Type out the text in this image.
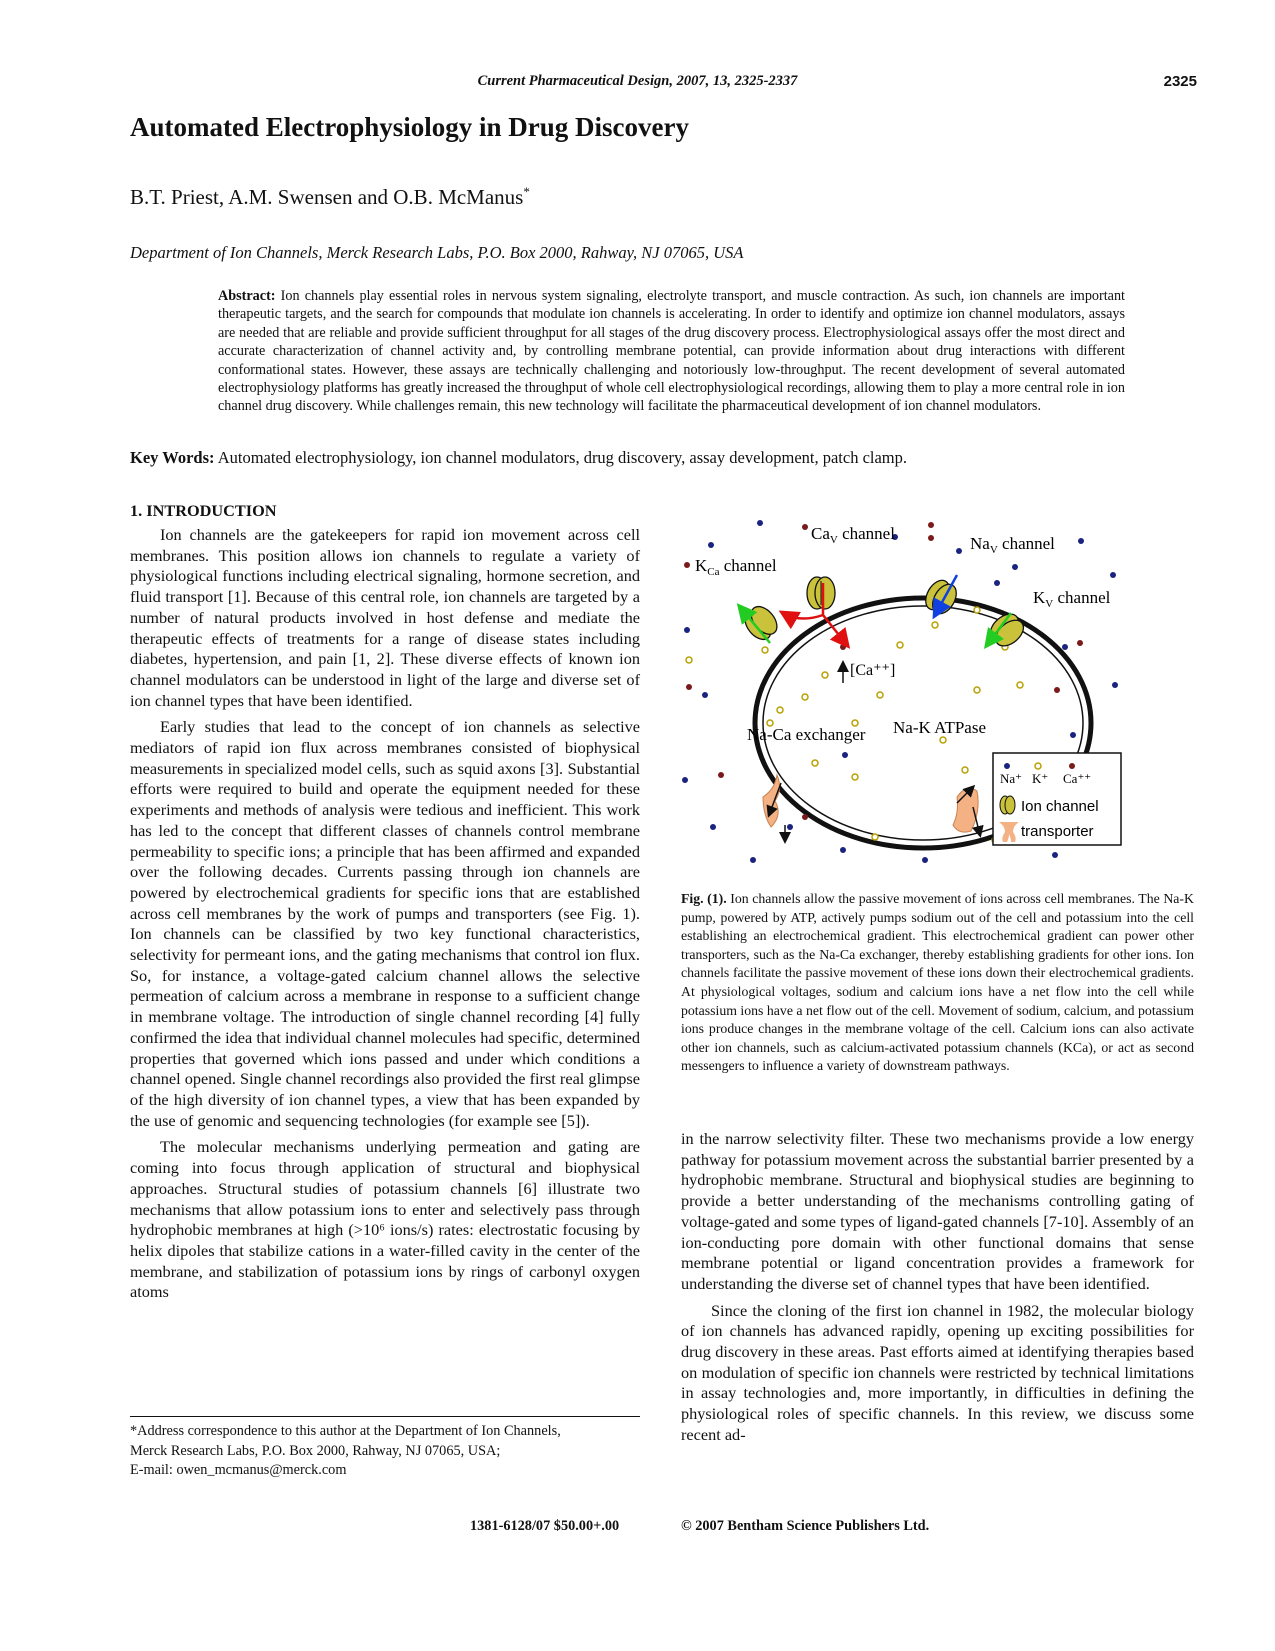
Current Pharmaceutical Design, 2007, 13, 2325-2337	2325
Automated Electrophysiology in Drug Discovery
B.T. Priest, A.M. Swensen and O.B. McManus*
Department of Ion Channels, Merck Research Labs, P.O. Box 2000, Rahway, NJ 07065, USA
Abstract: Ion channels play essential roles in nervous system signaling, electrolyte transport, and muscle contraction. As such, ion channels are important therapeutic targets, and the search for compounds that modulate ion channels is accelerating. In order to identify and optimize ion channel modulators, assays are needed that are reliable and provide sufficient throughput for all stages of the drug discovery process. Electrophysiological assays offer the most direct and accurate characterization of channel activity and, by controlling membrane potential, can provide information about drug interactions with different conformational states. However, these assays are technically challenging and notoriously low-throughput. The recent development of several automated electrophysiology platforms has greatly increased the throughput of whole cell electrophysiological recordings, allowing them to play a more central role in ion channel drug discovery. While challenges remain, this new technology will facilitate the pharmaceutical development of ion channel modulators.
Key Words: Automated electrophysiology, ion channel modulators, drug discovery, assay development, patch clamp.
1. INTRODUCTION

Ion channels are the gatekeepers for rapid ion movement across cell membranes. This position allows ion channels to regulate a variety of physiological functions including electrical signaling, hormone secretion, and fluid transport [1]. Because of this central role, ion channels are targeted by a number of natural products involved in host defense and mediate the therapeutic effects of treatments for a range of disease states including diabetes, hypertension, and pain [1, 2]. These diverse effects of known ion channel modulators can be understood in light of the large and diverse set of ion channel types that have been identified.

Early studies that lead to the concept of ion channels as selective mediators of rapid ion flux across membranes consisted of biophysical measurements in specialized model cells, such as squid axons [3]. Substantial efforts were required to build and operate the equipment needed for these experiments and methods of analysis were tedious and inefficient. This work has led to the concept that different classes of channels control membrane permeability to specific ions; a principle that has been affirmed and expanded over the following decades. Currents passing through ion channels are powered by electrochemical gradients for specific ions that are established across cell membranes by the work of pumps and transporters (see Fig. 1). Ion channels can be classified by two key functional characteristics, selectivity for permeant ions, and the gating mechanisms that control ion flux. So, for instance, a voltage-gated calcium channel allows the selective permeation of calcium across a membrane in response to a sufficient change in membrane voltage. The introduction of single channel recording [4] fully confirmed the idea that individual channel molecules had specific, determined properties that governed which ions passed and under which conditions a channel opened. Single channel recordings also provided the first real glimpse of the high diversity of ion channel types, a view that has been expanded by the use of genomic and sequencing technologies (for example see [5]).

The molecular mechanisms underlying permeation and gating are coming into focus through application of structural and biophysical approaches. Structural studies of potassium channels [6] illustrate two mechanisms that allow potassium ions to enter and selectively pass through hydrophobic membranes at high (>10⁶ ions/s) rates: electrostatic focusing by helix dipoles that stabilize cations in a water-filled cavity in the center of the membrane, and stabilization of potassium ions by rings of carbonyl oxygen atoms

$Ca_V$ channel
$Na_V$ channel
$K_{Ca}$ channel
$K_V$ channel
[Ca⁺⁺]
Na-Ca exchanger Na-K ATPase
Na⁺ K⁺ Ca⁺⁺
Ion channel
transporter
Fig. (1). Ion channels allow the passive movement of ions across cell membranes. The Na-K pump, powered by ATP, actively pumps sodium out of the cell and potassium into the cell establishing an electrochemical gradient. This electrochemical gradient can power other transporters, such as the Na-Ca exchanger, thereby establishing gradients for other ions. Ion channels facilitate the passive movement of these ions down their electrochemical gradients. At physiological voltages, sodium and calcium ions have a net flow into the cell while potassium ions have a net flow out of the cell. Movement of sodium, calcium, and potassium ions produce changes in the membrane voltage of the cell. Calcium ions can also activate other ion channels, such as calcium-activated potassium channels (KCa), or act as second messengers to influence a variety of downstream pathways.

in the narrow selectivity filter. These two mechanisms provide a low energy pathway for potassium movement across the substantial barrier presented by a hydrophobic membrane. Structural and biophysical studies are beginning to provide a better understanding of the mechanisms controlling gating of voltage-gated and some types of ligand-gated channels [7-10]. Assembly of an ion-conducting pore domain with other functional domains that sense membrane potential or ligand concentration provides a framework for understanding the diverse set of channel types that have been identified.

Since the cloning of the first ion channel in 1982, the molecular biology of ion channels has advanced rapidly, opening up exciting possibilities for drug discovery in these areas. Past efforts aimed at identifying therapies based on modulation of specific ion channels were restricted by technical limitations in assay technologies and, more importantly, in difficulties in defining the physiological roles of specific channels. In this review, we discuss some recent ad-

*Address correspondence to this author at the Department of Ion Channels,
Merck Research Labs, P.O. Box 2000, Rahway, NJ 07065, USA;
E-mail: owen_mcmanus@merck.com
1381-6128/07 $50.00+.00	© 2007 Bentham Science Publishers Ltd.
